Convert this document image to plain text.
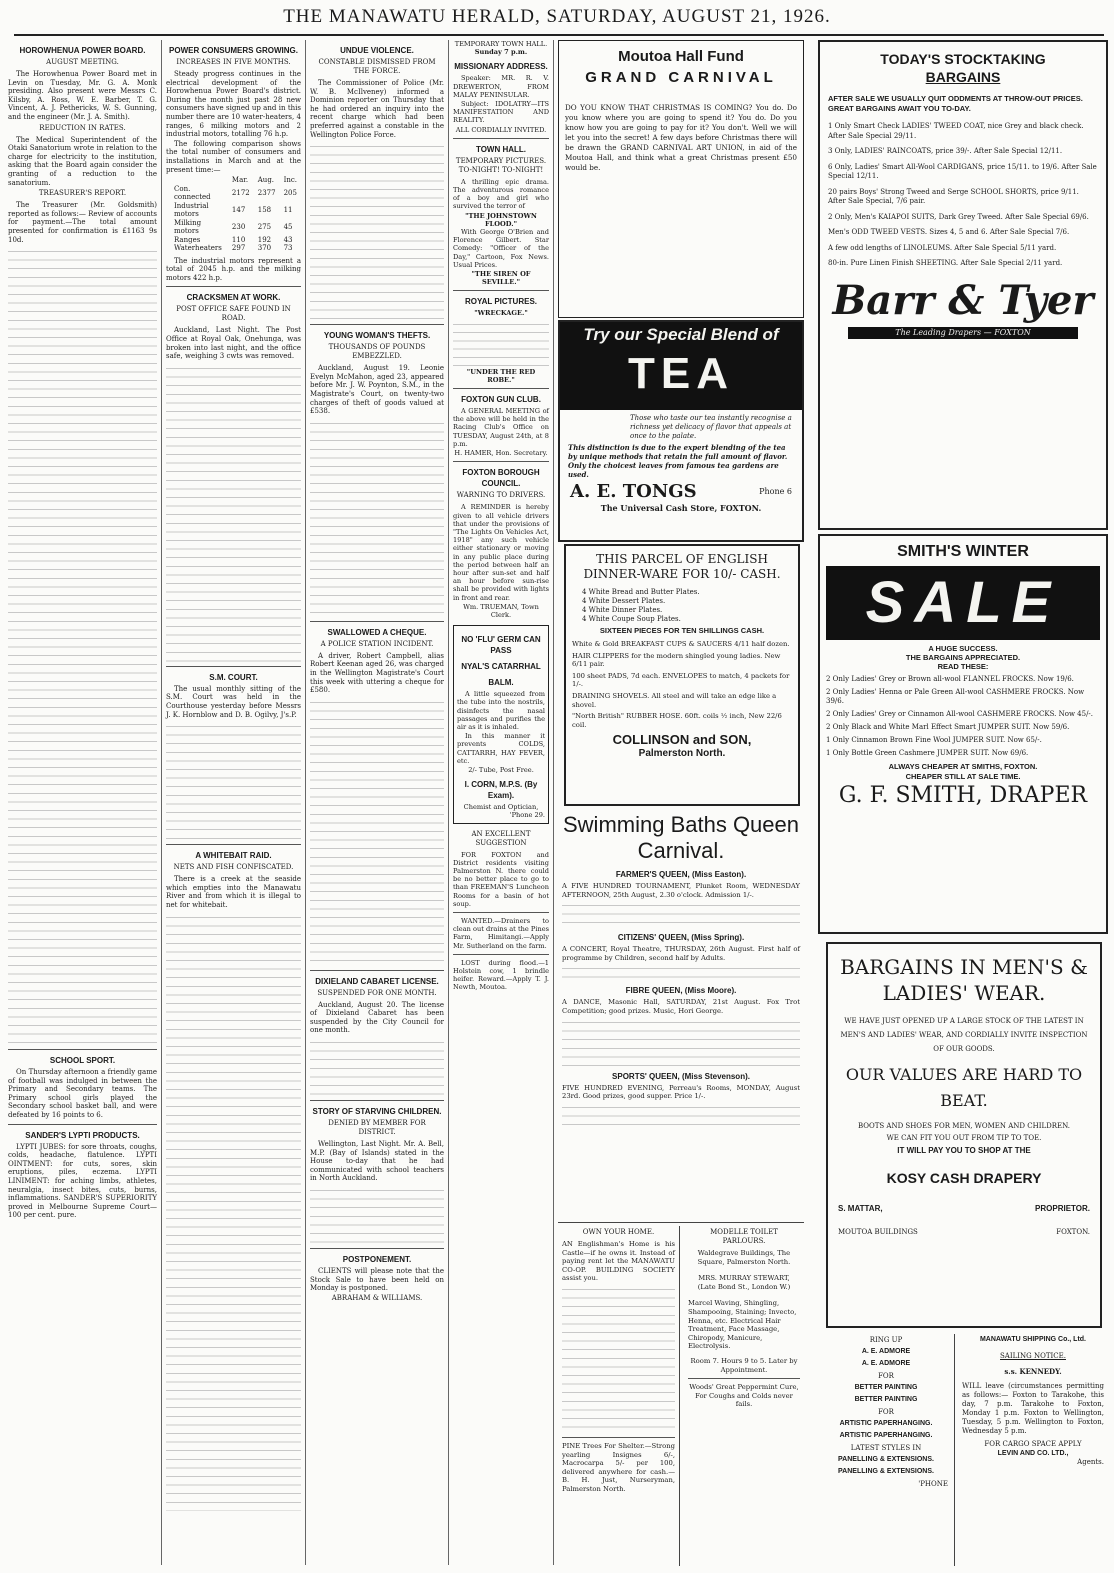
THE MANAWATU HERALD, SATURDAY, AUGUST 21, 1926.
HOROWHENUA POWER BOARD.
AUGUST MEETING.

The Horowhenua Power Board met in Levin on Tuesday, Mr. G. A. Monk presiding. Also present were Messrs C. Kilsby, A. Ross, W. E. Barber, T. G. Vincent, A. J. Pethericks, W. S. Gunning, and the engineer (Mr. J. A. Smith).

REDUCTION IN RATES.

The Medical Superintendent of the Otaki Sanatorium wrote in relation to the charge for electricity to the institution, asking that the Board again consider the granting of a reduction to the sanatorium.

TREASURER'S REPORT.

The Treasurer (Mr. Goldsmith) reported as follows:— Review of accounts for payment.—The total amount presented for confirmation is £1163 9s 10d.

SCHOOL SPORT.

On Thursday afternoon a friendly game of football was indulged in between the Primary and Secondary teams. The Primary school girls played the Secondary school basket ball, and were defeated by 16 points to 6.

SANDER'S LYPTI PRODUCTS.

LYPTI JUBES: for sore throats, coughs, colds, headache, flatulence. LYPTI OINTMENT: for cuts, sores, skin eruptions, piles, eczema. LYPTI LINIMENT: for aching limbs, athletes, neuralgia, insect bites, cuts, burns, inflammations. SANDER'S SUPERIORITY proved in Melbourne Supreme Court—100 per cent. pure.

POWER CONSUMERS GROWING.
INCREASES IN FIVE MONTHS.

Steady progress continues in the electrical development of the Horowhenua Power Board's district. During the month just past 28 new consumers have signed up and in this number there are 10 water-heaters, 4 ranges, 6 milking motors and 2 industrial motors, totalling 76 h.p.

The following comparison shows the total number of consumers and installations in March and at the present time:—

	Mar.	Aug.	Inc.
Con. connected	2172	2377	205
Industrial motors	147	158	11
Milking motors	230	275	45
Ranges	110	192	43
Waterheaters	297	370	73

The industrial motors represent a total of 2045 h.p. and the milking motors 422 h.p.

CRACKSMEN AT WORK.
POST OFFICE SAFE FOUND IN ROAD.

Auckland, Last Night. The Post Office at Royal Oak, Onehunga, was broken into last night, and the office safe, weighing 3 cwts was removed.

S.M. COURT.

The usual monthly sitting of the S.M. Court was held in the Courthouse yesterday before Messrs J. K. Hornblow and D. B. Ogilvy, J's.P.

A WHITEBAIT RAID.
NETS AND FISH CONFISCATED.

There is a creek at the seaside which empties into the Manawatu River and from which it is illegal to net for whitebait.

UNDUE VIOLENCE.
CONSTABLE DISMISSED FROM THE FORCE.

The Commissioner of Police (Mr. W. B. McIlveney) informed a Dominion reporter on Thursday that he had ordered an inquiry into the recent charge which had been preferred against a constable in the Wellington Police Force.

YOUNG WOMAN'S THEFTS.
THOUSANDS OF POUNDS EMBEZZLED.

Auckland, August 19. Leonie Evelyn McMahon, aged 23, appeared before Mr. J. W. Poynton, S.M., in the Magistrate's Court, on twenty-two charges of theft of goods valued at £538.

SWALLOWED A CHEQUE.
A POLICE STATION INCIDENT.

A driver, Robert Campbell, alias Robert Keenan aged 26, was charged in the Wellington Magistrate's Court this week with uttering a cheque for £580.

DIXIELAND CABARET LICENSE.
SUSPENDED FOR ONE MONTH.

Auckland, August 20. The license of Dixieland Cabaret has been suspended by the City Council for one month.

STORY OF STARVING CHILDREN.
DENIED BY MEMBER FOR DISTRICT.

Wellington, Last Night. Mr. A. Bell, M.P. (Bay of Islands) stated in the House to-day that he had communicated with school teachers in North Auckland.

POSTPONEMENT.

CLIENTS will please note that the Stock Sale to have been held on Monday is postponed.

ABRAHAM & WILLIAMS.
TEMPORARY TOWN HALL.
Sunday 7 p.m.
MISSIONARY ADDRESS.

Speaker: MR. R. V. DREWERTON, FROM MALAY PENINSULAR.

Subject: IDOLATRY—ITS MANIFESTATION AND REALITY.

ALL CORDIALLY INVITED.
TOWN HALL.
TEMPORARY PICTURES. TO-NIGHT! TO-NIGHT!

A thrilling epic drama. The adventurous romance of a boy and girl who survived the terror of

"THE JOHNSTOWN FLOOD."

With George O'Brien and Florence Gilbert. Star Comedy: "Officer of the Day," Cartoon, Fox News. Usual Prices.

"THE SIREN OF SEVILLE."
ROYAL PICTURES.
"WRECKAGE."
"UNDER THE RED ROBE."
FOXTON GUN CLUB.

A GENERAL MEETING of the above will be held in the Racing Club's Office on TUESDAY, August 24th, at 8 p.m.

H. HAMER, Hon. Secretary.
FOXTON BOROUGH COUNCIL.
WARNING TO DRIVERS.

A REMINDER is hereby given to all vehicle drivers that under the provisions of "The Lights On Vehicles Act, 1918" any such vehicle either stationary or moving in any public place during the period between half an hour after sun-set and half an hour before sun-rise shall be provided with lights in front and rear.

Wm. TRUEMAN, Town Clerk.
NO 'FLU' GERM CAN PASS
NYAL'S CATARRHAL
BALM.

A little squeezed from the tube into the nostrils, disinfects the nasal passages and purifies the air as it is inhaled.

In this manner it prevents COLDS, CATTARRH, HAY FEVER, etc.

2/- Tube, Post Free.
I. CORN, M.P.S. (By Exam).
Chemist and Optician,
'Phone 29.
AN EXCELLENT SUGGESTION

FOR FOXTON and District residents visiting Palmerston N. there could be no better place to go to than FREEMAN'S Luncheon Rooms for a basin of hot soup.

WANTED.—Drainers to clean out drains at the Pines Farm, Himitangi.—Apply Mr. Sutherland on the farm.

LOST during flood.—1 Holstein cow, 1 brindle heifer. Reward.—Apply T. J. Newth, Moutoa.

Moutoa Hall Fund
GRAND CARNIVAL
DO YOU KNOW THAT CHRISTMAS IS COMING? You do. Do you know where you are going to spend it? You do. Do you know how you are going to pay for it? You don't. Well we will let you into the secret! A few days before Christmas there will be drawn the GRAND CARNIVAL ART UNION, in aid of the Moutoa Hall, and think what a great Christmas present £50 would be.
Try our Special Blend of
TEA
Those who taste our tea instantly recognise a richness yet delicacy of flavor that appeals at once to the palate.
This distinction is due to the expert blending of the tea by unique methods that retain the full amount of flavor. Only the choicest leaves from famous tea gardens are used.
A. E. TONGS	Phone 6
The Universal Cash Store, FOXTON.
THIS PARCEL OF ENGLISH DINNER-WARE FOR 10/- CASH.
4 White Bread and Butter Plates.
4 White Dessert Plates.
4 White Dinner Plates.
4 White Coupe Soup Plates.
SIXTEEN PIECES FOR TEN SHILLINGS CASH.

White & Gold BREAKFAST CUPS & SAUCERS 4/11 half dozen.

HAIR CLIPPERS for the modern shingled young ladies. New 6/11 pair.

100 sheet PADS, 7d each. ENVELOPES to match, 4 packets for 1/-.

DRAINING SHOVELS. All steel and will take an edge like a shovel.

"North British" RUBBER HOSE. 60ft. coils ½ inch, New 22/6 coil.

COLLINSON and SON,
Palmerston North.
Swimming Baths Queen Carnival.
FARMER'S QUEEN, (Miss Easton).

A FIVE HUNDRED TOURNAMENT, Plunket Room, WEDNESDAY AFTERNOON, 25th August, 2.30 o'clock. Admission 1/-.

CITIZENS' QUEEN, (Miss Spring).

A CONCERT, Royal Theatre, THURSDAY, 26th August. First half of programme by Children, second half by Adults.

FIBRE QUEEN, (Miss Moore).

A DANCE, Masonic Hall, SATURDAY, 21st August. Fox Trot Competition; good prizes. Music, Hori George.

SPORTS' QUEEN, (Miss Stevenson).

FIVE HUNDRED EVENING, Perreau's Rooms, MONDAY, August 23rd. Good prizes, good supper. Price 1/-.

OWN YOUR HOME.

AN Englishman's Home is his Castle—if he owns it. Instead of paying rent let the MANAWATU CO-OP. BUILDING SOCIETY assist you.

PINE Trees For Shelter.—Strong yearling Insignes 6/-, Macrocarpa 5/- per 100, delivered anywhere for cash.—B. H. Just, Nurseryman, Palmerston North.

MODELLE TOILET PARLOURS.
Waldegrave Buildings, The Square, Palmerston North.
MRS. MURRAY STEWART,
(Late Bond St., London W.)

Marcel Waving, Shingling, Shampooing, Staining; Invecto, Henna, etc. Electrical Hair Treatment, Face Massage, Chiropody, Manicure, Electrolysis.

Room 7. Hours 9 to 5. Later by Appointment.
Woods' Great Peppermint Cure, For Coughs and Colds never fails.
TODAY'S STOCKTAKING
BARGAINS
AFTER SALE WE USUALLY QUIT ODDMENTS AT THROW-OUT PRICES. GREAT BARGAINS AWAIT YOU TO-DAY.

1 Only Smart Check LADIES' TWEED COAT, nice Grey and black check. After Sale Special 29/11.

3 Only, LADIES' RAINCOATS, price 39/-. After Sale Special 12/11.

6 Only, Ladies' Smart All-Wool CARDIGANS, price 15/11. to 19/6. After Sale Special 12/11.

20 pairs Boys' Strong Tweed and Serge SCHOOL SHORTS, price 9/11. After Sale Special, 7/6 pair.

2 Only, Men's KAIAPOI SUITS, Dark Grey Tweed. After Sale Special 69/6.

Men's ODD TWEED VESTS. Sizes 4, 5 and 6. After Sale Special 7/6.

A few odd lengths of LINOLEUMS. After Sale Special 5/11 yard.

80-in. Pure Linen Finish SHEETING. After Sale Special 2/11 yard.

Barr & Tyer
The Leading Drapers — FOXTON
SMITH'S WINTER
SALE
A HUGE SUCCESS.
THE BARGAINS APPRECIATED.
READ THESE:

2 Only Ladies' Grey or Brown all-wool FLANNEL FROCKS. Now 19/6.

2 Only Ladies' Henna or Pale Green All-wool CASHMERE FROCKS. Now 39/6.

2 Only Ladies' Grey or Cinnamon All-wool CASHMERE FROCKS. Now 45/-.

2 Only Black and White Marl Effect Smart JUMPER SUIT. Now 59/6.

1 Only Cinnamon Brown Fine Wool JUMPER SUIT. Now 65/-.

1 Only Bottle Green Cashmere JUMPER SUIT. Now 69/6.

ALWAYS CHEAPER AT SMITHS, FOXTON.
CHEAPER STILL AT SALE TIME.
G. F. SMITH, DRAPER
BARGAINS IN MEN'S & LADIES' WEAR.
WE HAVE JUST OPENED UP A LARGE STOCK OF THE LATEST IN MEN'S AND LADIES' WEAR, AND CORDIALLY INVITE INSPECTION OF OUR GOODS.
OUR VALUES ARE HARD TO BEAT.
BOOTS AND SHOES FOR MEN, WOMEN AND CHILDREN.
WE CAN FIT YOU OUT FROM TIP TO TOE.
IT WILL PAY YOU TO SHOP AT THE
KOSY CASH DRAPERY
S. MATTAR,	PROPRIETOR.
MOUTOA BUILDINGS	FOXTON.
RING UP
A. E. ADMORE
A. E. ADMORE
FOR
BETTER PAINTING
BETTER PAINTING
FOR
ARTISTIC PAPERHANGING.
ARTISTIC PAPERHANGING.
LATEST STYLES IN
PANELLING & EXTENSIONS.
PANELLING & EXTENSIONS.
'PHONE
MANAWATU SHIPPING Co., Ltd.
SAILING NOTICE.
s.s. KENNEDY.

WILL leave (circumstances permitting as follows:— Foxton to Tarakohe, this day, 7 p.m. Tarakohe to Foxton, Monday 1 p.m. Foxton to Wellington, Tuesday, 5 p.m. Wellington to Foxton, Wednesday 5 p.m.

FOR CARGO SPACE APPLY
LEVIN AND CO. LTD.,
Agents.
